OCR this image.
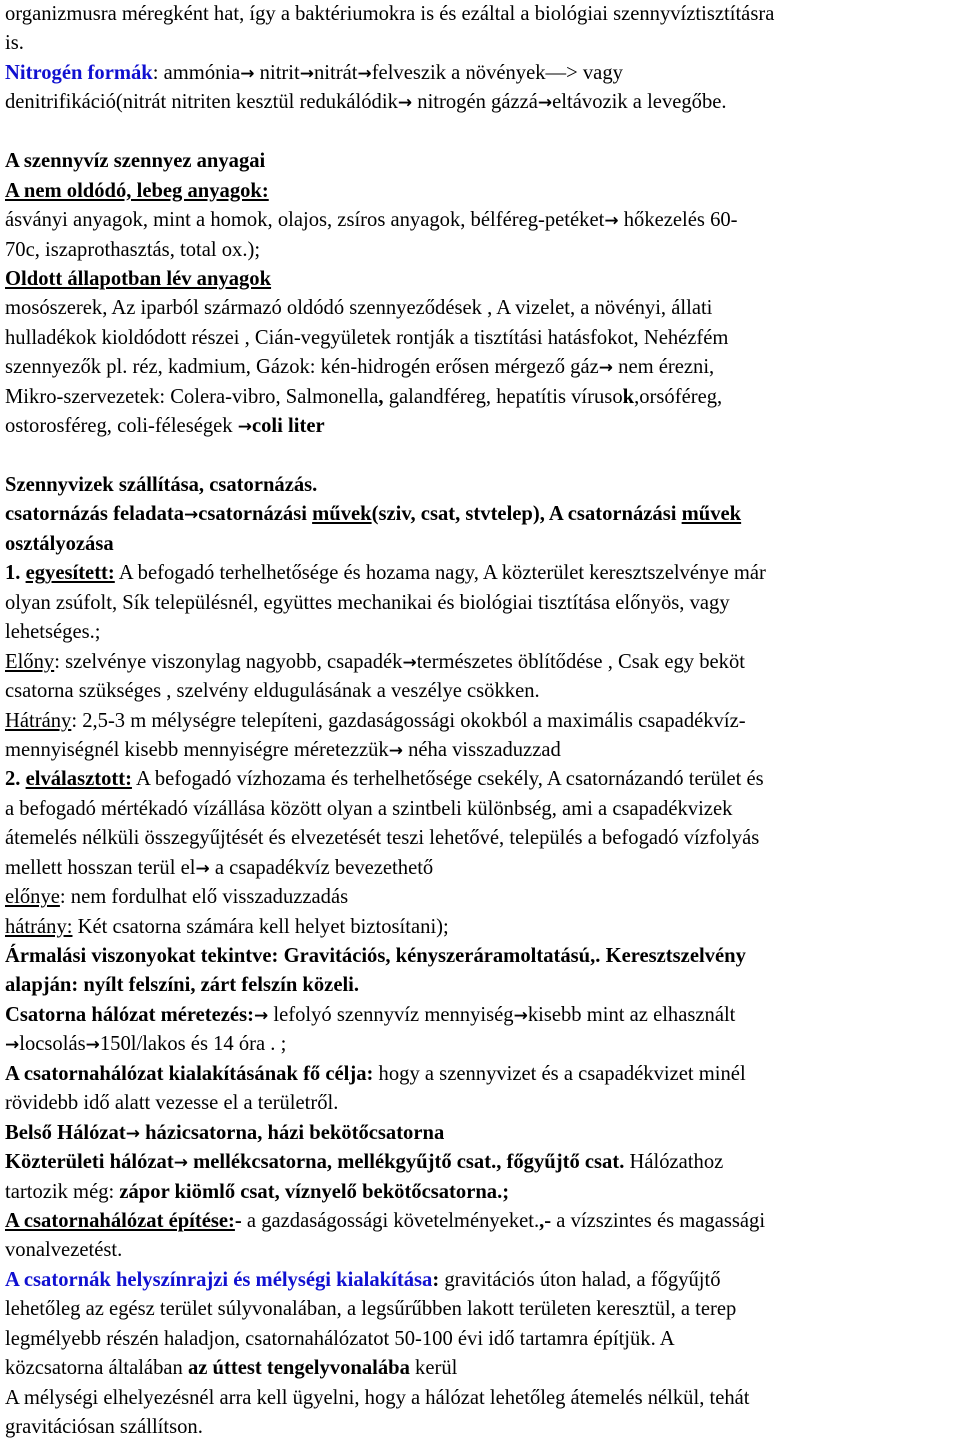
organizmusra méregként hat, így a baktériumokra is és ezáltal a biológiai szennyvíztisztításra
is.
Nitrogén formák: ammónia→ nitrit→nitrát→felveszik a növények—> vagy
denitrifikáció(nitrát nitriten kesztül redukálódik→ nitrogén gázzá→eltávozik a levegőbe.
A szennyvíz szennyez anyagai
A nem oldódó, lebeg anyagok:
ásványi anyagok, mint a homok, olajos, zsíros anyagok, bélféreg-petéket→ hőkezelés 60-
70c, iszaprothasztás, total ox.);
Oldott állapotban lév anyagok
mosószerek, Az iparból származó oldódó szennyeződések , A vizelet, a növényi, állati
hulladékok kioldódott részei , Cián-vegyületek rontják a tisztítási hatásfokot, Nehézfém
szennyezők pl. réz, kadmium, Gázok: kén-hidrogén erősen mérgező gáz→ nem érezni,
Mikro-szervezetek: Colera-vibro, Salmonella, galandféreg, hepatítis vírusok,orsóféreg,
ostorosféreg, coli-féleségek →coli liter
Szennyvizek szállítása, csatornázás.
csatornázás feladata→csatornázási művek(sziv, csat, stvtelep), A csatornázási művek
osztályozása
1. egyesített: A befogadó terhelhetősége és hozama nagy, A közterület keresztszelvénye már
olyan zsúfolt, Sík településnél, együttes mechanikai és biológiai tisztítása előnyös, vagy
lehetséges.;
Előny: szelvénye viszonylag nagyobb, csapadék→természetes öblítődése , Csak egy beköt
csatorna szükséges , szelvény eldugulásának a veszélye csökken.
Hátrány: 2,5-3 m mélységre telepíteni, gazdaságossági okokból a maximális csapadékvíz-
mennyiségnél kisebb mennyiségre méretezzük→ néha visszaduzzad
2. elválasztott: A befogadó vízhozama és terhelhetősége csekély, A csatornázandó terület és
a befogadó mértékadó vízállása között olyan a szintbeli különbség, ami a csapadékvizek
átemelés nélküli összegyűjtését és elvezetését teszi lehetővé, település a befogadó vízfolyás
mellett hosszan terül el→ a csapadékvíz bevezethető
előnye: nem fordulhat elő visszaduzzadás
hátrány: Két csatorna számára kell helyet biztosítani);
Ármalási viszonyokat tekintve: Gravitációs, kényszeráramoltatású,. Keresztszelvény
alapján: nyílt felszíni, zárt felszín közeli.
Csatorna hálózat méretezés:→ lefolyó szennyvíz mennyiség→kisebb mint az elhasznált
→locsolás→150l/lakos és 14 óra . ;
A csatornahálózat kialakításának fő célja: hogy a szennyvizet és a csapadékvizet minél
rövidebb idő alatt vezesse el a területről.
Belső Hálózat→ házicsatorna, házi bekötőcsatorna
Közterületi hálózat→ mellékcsatorna, mellékgyűjtő csat., főgyűjtő csat. Hálózathoz
tartozik még: zápor kiömlő csat, víznyelő bekötőcsatorna.;
A csatornahálózat építése:- a gazdaságossági követelményeket.,- a vízszintes és magassági
vonalvezetést.
A csatornák helyszínrajzi és mélységi kialakítása: gravitációs úton halad, a főgyűjtő
lehetőleg az egész terület súlyvonalában, a legsűrűbben lakott területen keresztül, a terep
legmélyebb részén haladjon, csatornahálózatot 50-100 évi idő tartamra építjük. A
közcsatorna általában az úttest tengelyvonalába kerül
A mélységi elhelyezésnél arra kell ügyelni, hogy a hálózat lehetőleg átemelés nélkül, tehát
gravitációsan szállítson.
